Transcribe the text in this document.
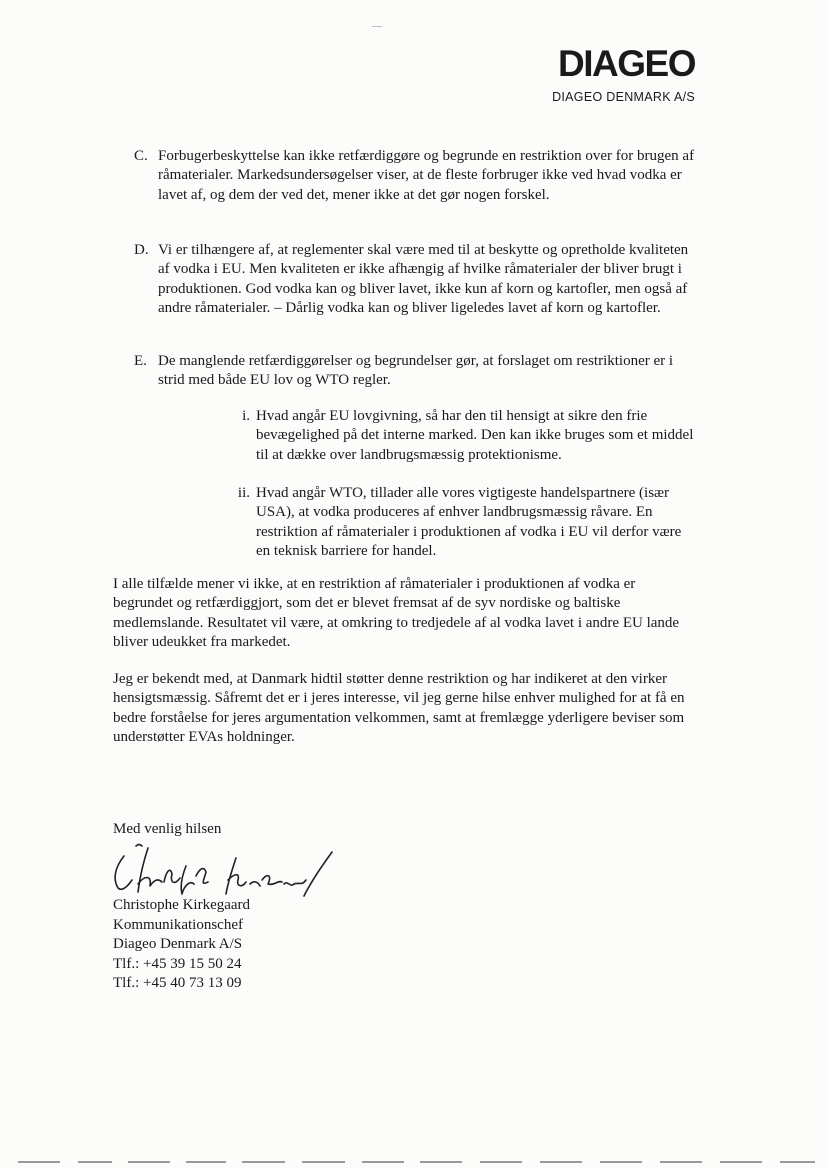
DIAGEO
DIAGEO DENMARK A/S
C. Forbugerbeskyttelse kan ikke retfærdiggøre og begrunde en restriktion over for brugen af råmaterialer. Markedsundersøgelser viser, at de fleste forbruger ikke ved hvad vodka er lavet af, og dem der ved det, mener ikke at det gør nogen forskel.

D. Vi er tilhængere af, at reglementer skal være med til at beskytte og opretholde kvaliteten af vodka i EU. Men kvaliteten er ikke afhængig af hvilke råmaterialer der bliver brugt i produktionen. God vodka kan og bliver lavet, ikke kun af korn og kartofler, men også af andre råmaterialer. – Dårlig vodka kan og bliver ligeledes lavet af korn og kartofler.

E. De manglende retfærdiggørelser og begrundelser gør, at forslaget om restriktioner er i strid med både EU lov og WTO regler.

i. Hvad angår EU lovgivning, så har den til hensigt at sikre den frie bevægelighed på det interne marked. Den kan ikke bruges som et middel til at dække over landbrugsmæssig protektionisme.

ii. Hvad angår WTO, tillader alle vores vigtigeste handelspartnere (især USA), at vodka produceres af enhver landbrugsmæssig råvare. En restriktion af råmaterialer i produktionen af vodka i EU vil derfor være en teknisk barriere for handel.

I alle tilfælde mener vi ikke, at en restriktion af råmaterialer i produktionen af vodka er begrundet og retfærdiggjort, som det er blevet fremsat af de syv nordiske og baltiske medlemslande. Resultatet vil være, at omkring to tredjedele af al vodka lavet i andre EU lande bliver udeukket fra markedet.

Jeg er bekendt med, at Danmark hidtil støtter denne restriktion og har indikeret at den virker hensigtsmæssig. Såfremt det er i jeres interesse, vil jeg gerne hilse enhver mulighed for at få en bedre forståelse for jeres argumentation velkommen, samt at fremlægge yderligere beviser som understøtter EVAs holdninger.

Med venlig hilsen
Christophe Kirkegaard
Kommunikationschef
Diageo Denmark A/S
Tlf.: +45 39 15 50 24
Tlf.: +45 40 73 13 09
